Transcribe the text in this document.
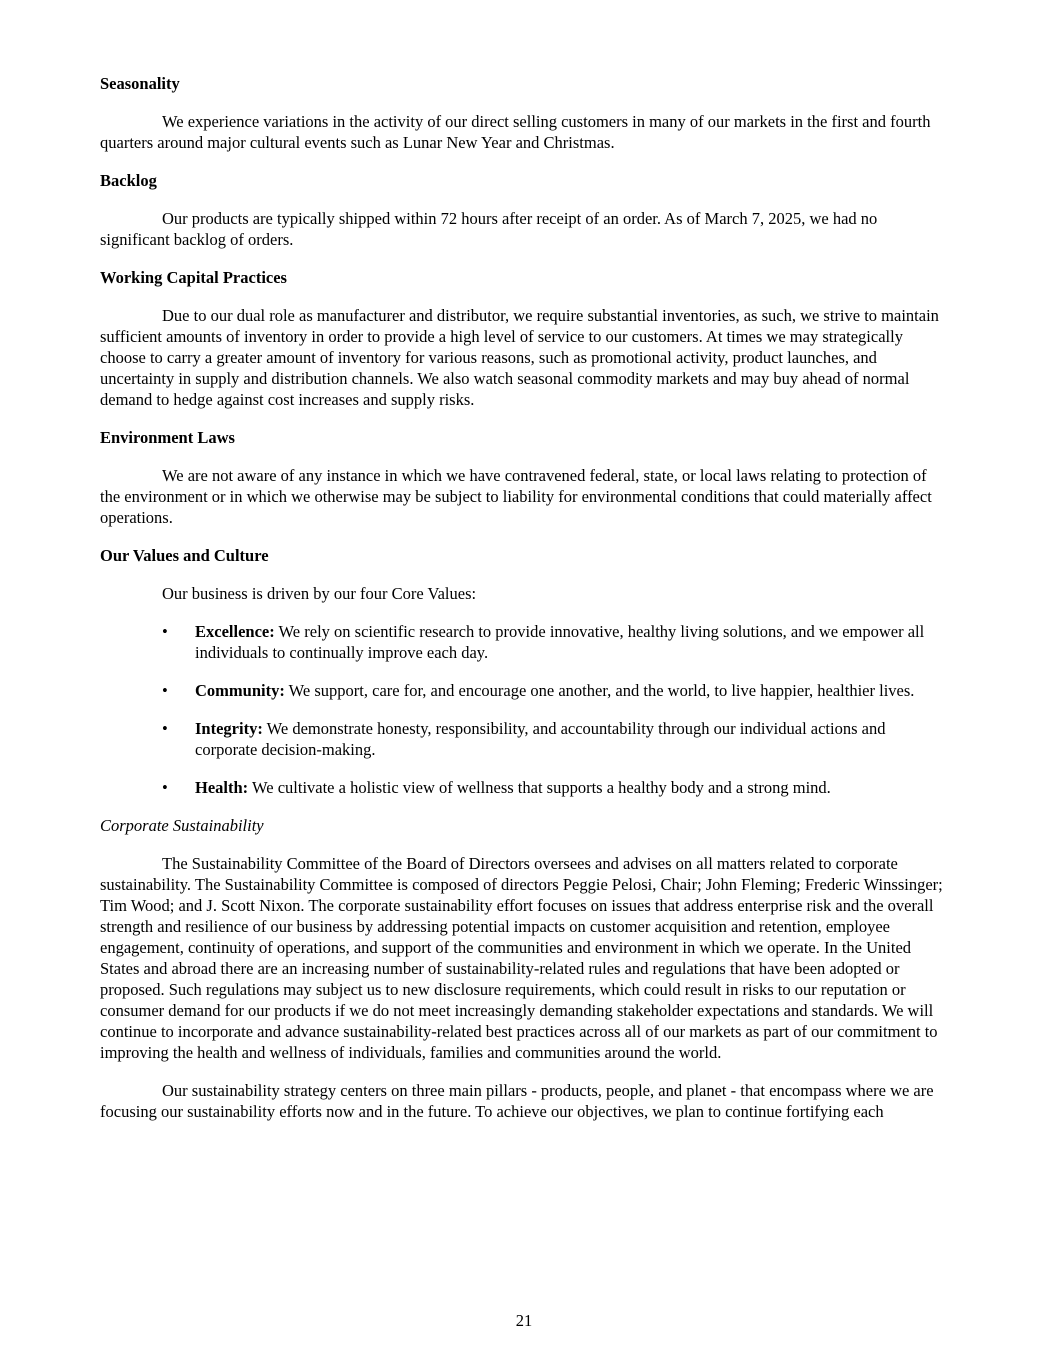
Seasonality
We experience variations in the activity of our direct selling customers in many of our markets in the first and fourth quarters around major cultural events such as Lunar New Year and Christmas.
Backlog
Our products are typically shipped within 72 hours after receipt of an order. As of March 7, 2025, we had no significant backlog of orders.
Working Capital Practices
Due to our dual role as manufacturer and distributor, we require substantial inventories, as such, we strive to maintain sufficient amounts of inventory in order to provide a high level of service to our customers. At times we may strategically choose to carry a greater amount of inventory for various reasons, such as promotional activity, product launches, and uncertainty in supply and distribution channels. We also watch seasonal commodity markets and may buy ahead of normal demand to hedge against cost increases and supply risks.
Environment Laws
We are not aware of any instance in which we have contravened federal, state, or local laws relating to protection of the environment or in which we otherwise may be subject to liability for environmental conditions that could materially affect operations.
Our Values and Culture
Our business is driven by our four Core Values:
• Excellence: We rely on scientific research to provide innovative, healthy living solutions, and we empower all individuals to continually improve each day.
• Community: We support, care for, and encourage one another, and the world, to live happier, healthier lives.
• Integrity: We demonstrate honesty, responsibility, and accountability through our individual actions and corporate decision-making.
• Health: We cultivate a holistic view of wellness that supports a healthy body and a strong mind.
Corporate Sustainability
The Sustainability Committee of the Board of Directors oversees and advises on all matters related to corporate sustainability. The Sustainability Committee is composed of directors Peggie Pelosi, Chair; John Fleming; Frederic Winssinger; Tim Wood; and J. Scott Nixon. The corporate sustainability effort focuses on issues that address enterprise risk and the overall strength and resilience of our business by addressing potential impacts on customer acquisition and retention, employee engagement, continuity of operations, and support of the communities and environment in which we operate. In the United States and abroad there are an increasing number of sustainability-related rules and regulations that have been adopted or proposed. Such regulations may subject us to new disclosure requirements, which could result in risks to our reputation or consumer demand for our products if we do not meet increasingly demanding stakeholder expectations and standards. We will continue to incorporate and advance sustainability-related best practices across all of our markets as part of our commitment to improving the health and wellness of individuals, families and communities around the world.
Our sustainability strategy centers on three main pillars - products, people, and planet - that encompass where we are focusing our sustainability efforts now and in the future. To achieve our objectives, we plan to continue fortifying each
21
